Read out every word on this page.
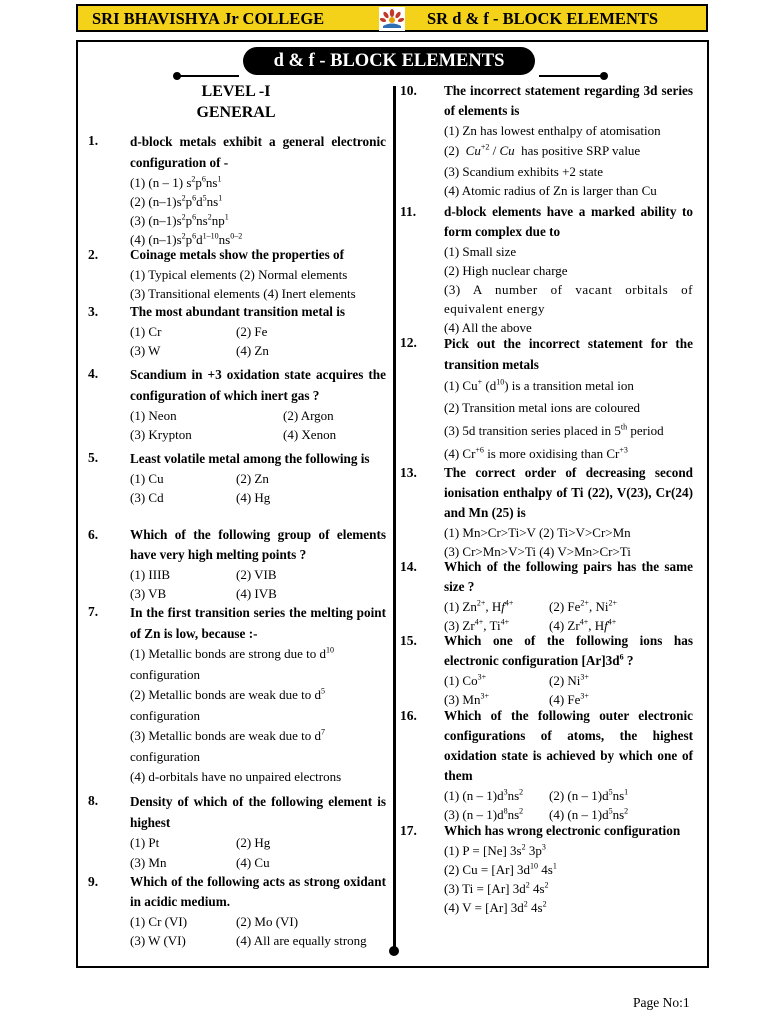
SRI BHAVISHYA Jr COLLEGE	SR d & f - BLOCK ELEMENTS
d & f - BLOCK ELEMENTS
LEVEL -I
GENERAL
1. d-block metals exhibit a general electronic configuration of -
(1) (n – 1) $s^2p^6ns^1$
(2) $(n-1)s^2p^6d^5ns^1$
(3) $(n-1)s^2p^6ns^2np^1$
(4) $(n-1)s^2p^6d^{1-10}ns^{0-2}$
2. Coinage metals show the properties of
(1) Typical elements (2) Normal elements
(3) Transitional elements (4) Inert elements
3. The most abundant transition metal is
(1) Cr	(2) Fe
(3) W	(4) Zn
4. Scandium in +3 oxidation state acquires the configuration of which inert gas ?
(1) Neon	(2) Argon
(3) Krypton	(4) Xenon
5. Least volatile metal among the following is
(1) Cu	(2) Zn
(3) Cd	(4) Hg
6. Which of the following group of elements have very high melting points ?
(1) IIIB	(2) VIB
(3) VB	(4) IVB
7. In the first transition series the melting point of Zn is low, because :-
(1) Metallic bonds are strong due to $d^{10}$
configuration
(2) Metallic bonds are weak due to $d^5$
configuration
(3) Metallic bonds are weak due to $d^7$
configuration
(4) d-orbitals have no unpaired electrons
8. Density of which of the following element is highest
(1) Pt	(2) Hg
(3) Mn	(4) Cu
9. Which of the following acts as strong oxidant in acidic medium.
(1) Cr (VI)	(2) Mo (VI)
(3) W (VI)	(4) All are equally strong
10. The incorrect statement regarding 3d series of elements is
(1) Zn has lowest enthalpy of atomisation
(2)  $Cu^{+2}$ / Cu  has positive SRP value
(3) Scandium exhibits +2 state
(4) Atomic radius of Zn is larger than Cu
11. d-block elements have a marked ability to form complex due to
(1) Small size
(2) High nuclear charge
(3) A number of vacant orbitals of equivalent energy
(4) All the above
12. Pick out the incorrect statement for the transition metals
(1) Cu+ $(d^{10})$ is a transition metal ion
(2) Transition metal ions are coloured
(3) 5d transition series placed in 5th period
(4) $Cr^{+6}$ is more oxidising than $Cr^{+3}$
13. The correct order of decreasing second ionisation enthalpy of Ti (22), V(23), Cr(24) and Mn (25) is
(1) Mn>Cr>Ti>V (2) Ti>V>Cr>Mn
(3) Cr>Mn>V>Ti (4) V>Mn>Cr>Ti
14. Which of the following pairs has the same size ?
(1) $Zn^{2+}$, $Hf^{4+}$	(2) $Fe^{2+}$, $Ni^{2+}$
(3) $Zr^{4+}$, $Ti^{4+}$	(4) $Zr^{4+}$, $Hf^{4+}$
15. Which one of the following ions has electronic configuration $[Ar]3d^6$ ?
(1) $Co^{3+}$	(2) $Ni^{3+}$
(3) $Mn^{3+}$	(4) $Fe^{3+}$
16. Which of the following outer electronic configurations of atoms, the highest oxidation state is achieved by which one of them
(1) $(n - 1)d^3ns^2$	(2) $(n - 1)d^5ns^1$
(3) $(n - 1)d^8ns^2$	(4) $(n - 1)d^5ns^2$
17. Which has wrong electronic configuration
(1) P = [Ne] $3s^2$ $3p^3$
(2) Cu = [Ar] $3d^{10}$ $4s^1$
(3) Ti = [Ar] $3d^2$ $4s^2$
(4) V = [Ar] $3d^2$ $4s^2$
Page No:1
